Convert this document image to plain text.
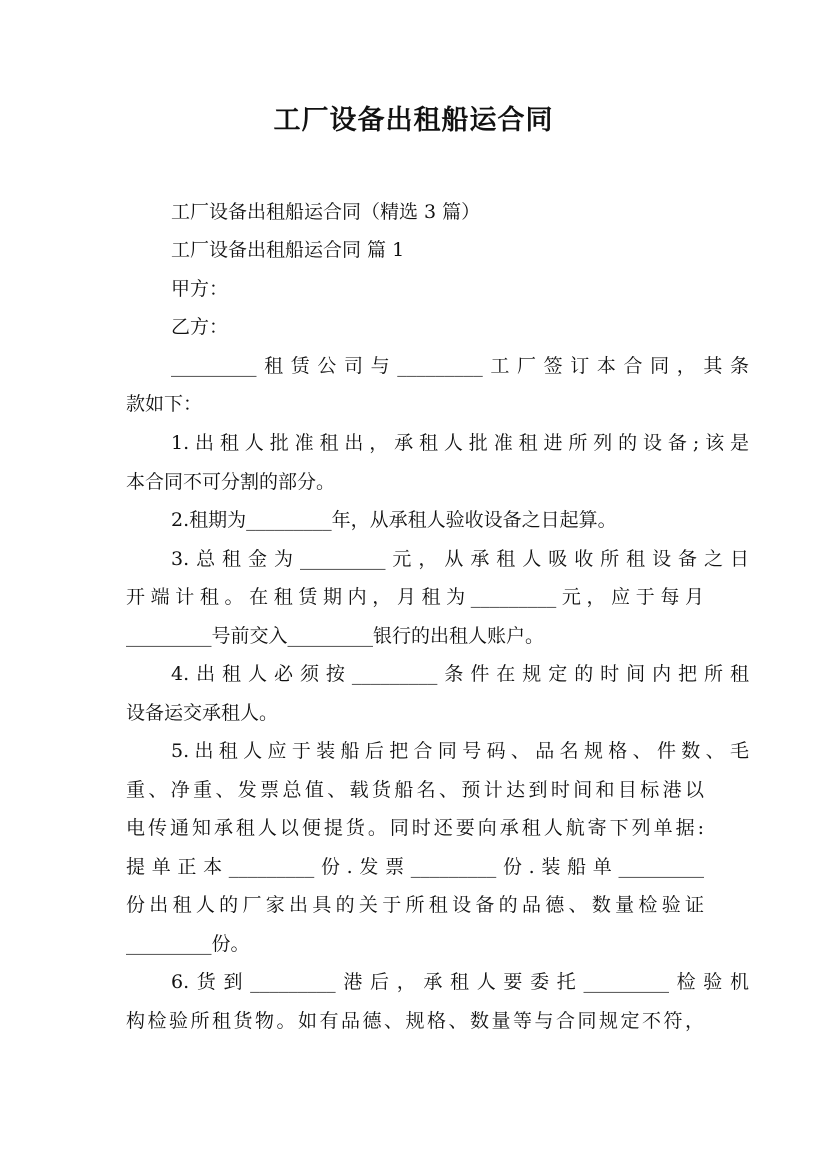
工厂设备出租船运合同
工厂设备出租船运合同（精选 3 篇）
工厂设备出租船运合同 篇 1
甲方：
乙方：
_________租赁公司与_________工厂签订本合同，其条
款如下：
1.出租人批准租出，承租人批准租进所列的设备;该是
本合同不可分割的部分。
2.租期为_________年，从承租人验收设备之日起算。
3.总租金为_________元，从承租人吸收所租设备之日
开端计租。在租赁期内，月租为_________元，应于每月
_________号前交入_________银行的出租人账户。
4.出租人必须按_________条件在规定的时间内把所租
设备运交承租人。
5.出租人应于装船后把合同号码、品名规格、件数、毛
重、净重、发票总值、载货船名、预计达到时间和目标港以
电传通知承租人以便提货。同时还要向承租人航寄下列单据:
提单正本_________份.发票_________份.装船单_________
份出租人的厂家出具的关于所租设备的品德、数量检验证
_________份。
6.货到_________港后，承租人要委托_________检验机
构检验所租货物。如有品德、规格、数量等与合同规定不符，
